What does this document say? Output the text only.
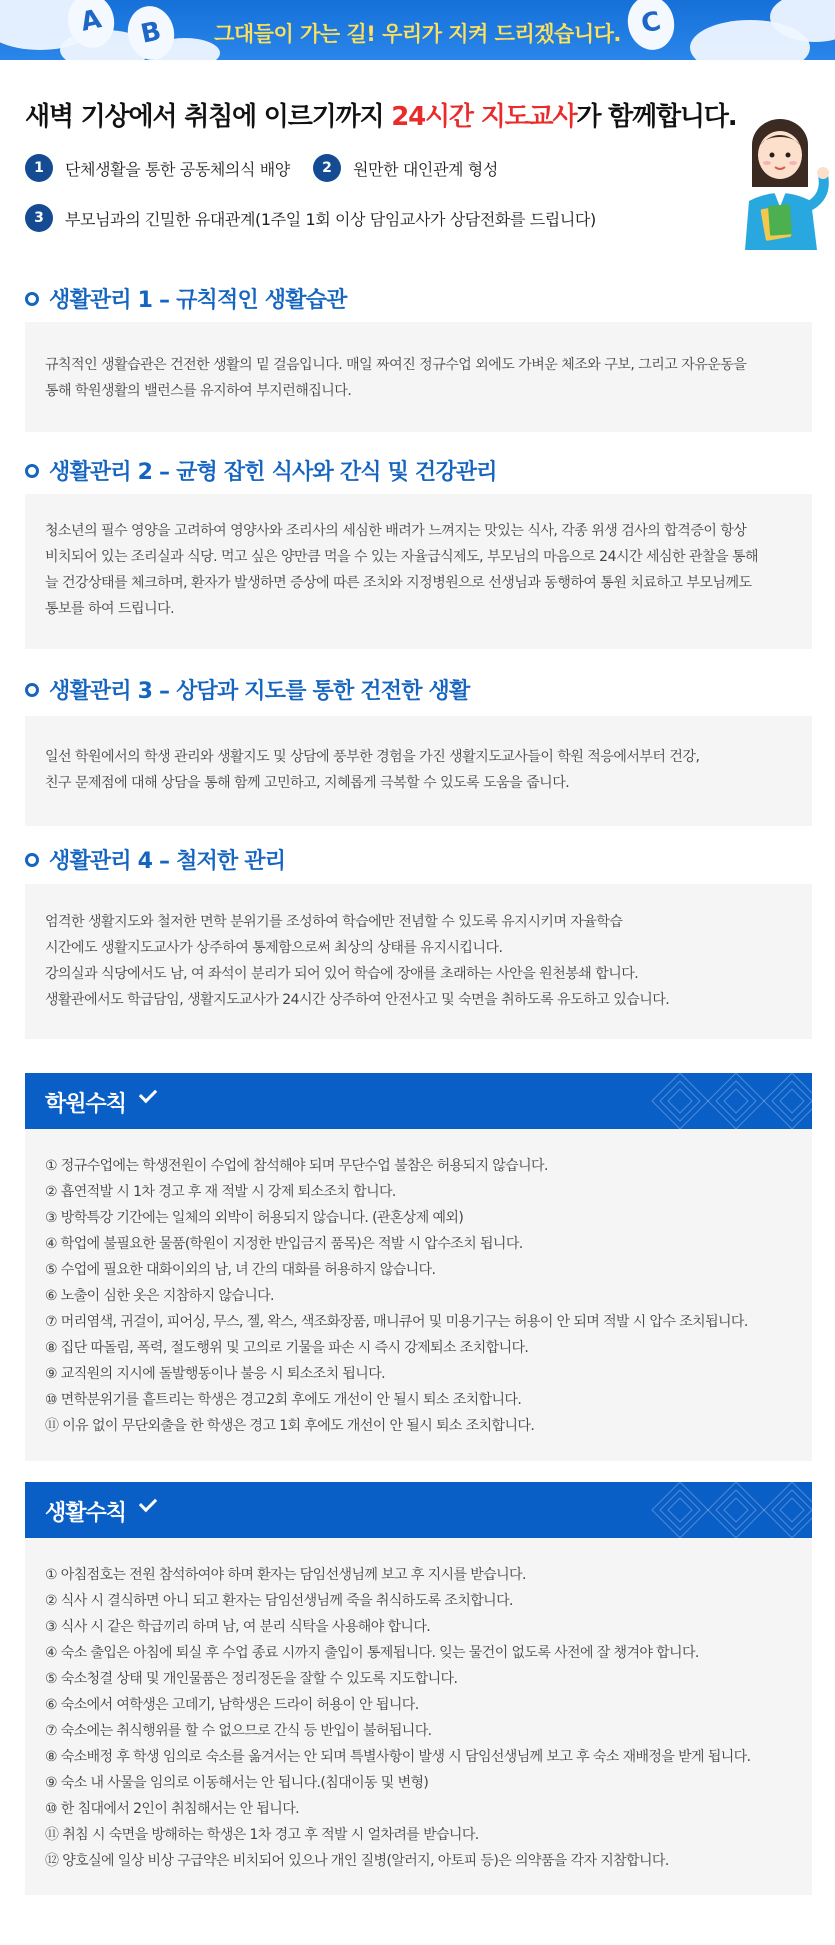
A	B	C
그대들이 가는 길! 우리가 지켜 드리겠습니다.
새벽 기상에서 취침에 이르기까지 24시간 지도교사가 함께합니다.
1	단체생활을 통한 공동체의식 배양	2	원만한 대인관계 형성
3	부모님과의 긴밀한 유대관계(1주일 1회 이상 담임교사가 상담전화를 드립니다)
생활관리 1 – 규칙적인 생활습관

규칙적인 생활습관은 건전한 생활의 밑 걸음입니다. 매일 짜여진 정규수업 외에도 가벼운 체조와 구보, 그리고 자유운동을

통해 학원생활의 밸런스를 유지하여 부지런해집니다.

생활관리 2 – 균형 잡힌 식사와 간식 및 건강관리

청소년의 필수 영양을 고려하여 영양사와 조리사의 세심한 배려가 느껴지는 맛있는 식사, 각종 위생 검사의 합격증이 항상

비치되어 있는 조리실과 식당. 먹고 싶은 양만큼 먹을 수 있는 자율급식제도, 부모님의 마음으로 24시간 세심한 관찰을 통해

늘 건강상태를 체크하며, 환자가 발생하면 증상에 따른 조치와 지정병원으로 선생님과 동행하여 통원 치료하고 부모님께도

통보를 하여 드립니다.

생활관리 3 – 상담과 지도를 통한 건전한 생활

일선 학원에서의 학생 관리와 생활지도 및 상담에 풍부한 경험을 가진 생활지도교사들이 학원 적응에서부터 건강,

친구 문제점에 대해 상담을 통해 함께 고민하고, 지혜롭게 극복할 수 있도록 도움을 줍니다.

생활관리 4 – 철저한 관리

엄격한 생활지도와 철저한 면학 분위기를 조성하여 학습에만 전념할 수 있도록 유지시키며 자율학습

시간에도 생활지도교사가 상주하여 통제함으로써 최상의 상태를 유지시킵니다.

강의실과 식당에서도 남, 여 좌석이 분리가 되어 있어 학습에 장애를 초래하는 사안을 원천봉쇄 합니다.

생활관에서도 학급담임, 생활지도교사가 24시간 상주하여 안전사고 및 숙면을 취하도록 유도하고 있습니다.

학원수칙
① 정규수업에는 학생전원이 수업에 참석해야 되며 무단수업 불참은 허용되지 않습니다.
② 흡연적발 시 1차 경고 후 재 적발 시 강제 퇴소조치 합니다.
③ 방학특강 기간에는 일체의 외박이 허용되지 않습니다. (관혼상제 예외)
④ 학업에 불필요한 물품(학원이 지정한 반입금지 품목)은 적발 시 압수조치 됩니다.
⑤ 수업에 필요한 대화이외의 남, 녀 간의 대화를 허용하지 않습니다.
⑥ 노출이 심한 옷은 지참하지 않습니다.
⑦ 머리염색, 귀걸이, 피어싱, 무스, 젤, 왁스, 색조화장품, 매니큐어 및 미용기구는 허용이 안 되며 적발 시 압수 조치됩니다.
⑧ 집단 따돌림, 폭력, 절도행위 및 고의로 기물을 파손 시 즉시 강제퇴소 조치합니다.
⑨ 교직원의 지시에 돌발행동이나 불응 시 퇴소조치 됩니다.
⑩ 면학분위기를 흩트리는 학생은 경고2회 후에도 개선이 안 될시 퇴소 조치합니다.
⑪ 이유 없이 무단외출을 한 학생은 경고 1회 후에도 개선이 안 될시 퇴소 조치합니다.
생활수칙
① 아침점호는 전원 참석하여야 하며 환자는 담임선생님께 보고 후 지시를 받습니다.
② 식사 시 결식하면 아니 되고 환자는 담임선생님께 죽을 취식하도록 조치합니다.
③ 식사 시 같은 학급끼리 하며 남, 여 분리 식탁을 사용해야 합니다.
④ 숙소 출입은 아침에 퇴실 후 수업 종료 시까지 출입이 통제됩니다. 잊는 물건이 없도록 사전에 잘 챙겨야 합니다.
⑤ 숙소청결 상태 및 개인물품은 정리정돈을 잘할 수 있도록 지도합니다.
⑥ 숙소에서 여학생은 고데기, 남학생은 드라이 허용이 안 됩니다.
⑦ 숙소에는 취식행위를 할 수 없으므로 간식 등 반입이 불허됩니다.
⑧ 숙소배정 후 학생 임의로 숙소를 옮겨서는 안 되며 특별사항이 발생 시 담임선생님께 보고 후 숙소 재배정을 받게 됩니다.
⑨ 숙소 내 사물을 임의로 이동해서는 안 됩니다.(침대이동 및 변형)
⑩ 한 침대에서 2인이 취침해서는 안 됩니다.
⑪ 취침 시 숙면을 방해하는 학생은 1차 경고 후 적발 시 얼차려를 받습니다.
⑫ 양호실에 일상 비상 구급약은 비치되어 있으나 개인 질병(알러지, 아토피 등)은 의약품을 각자 지참합니다.
